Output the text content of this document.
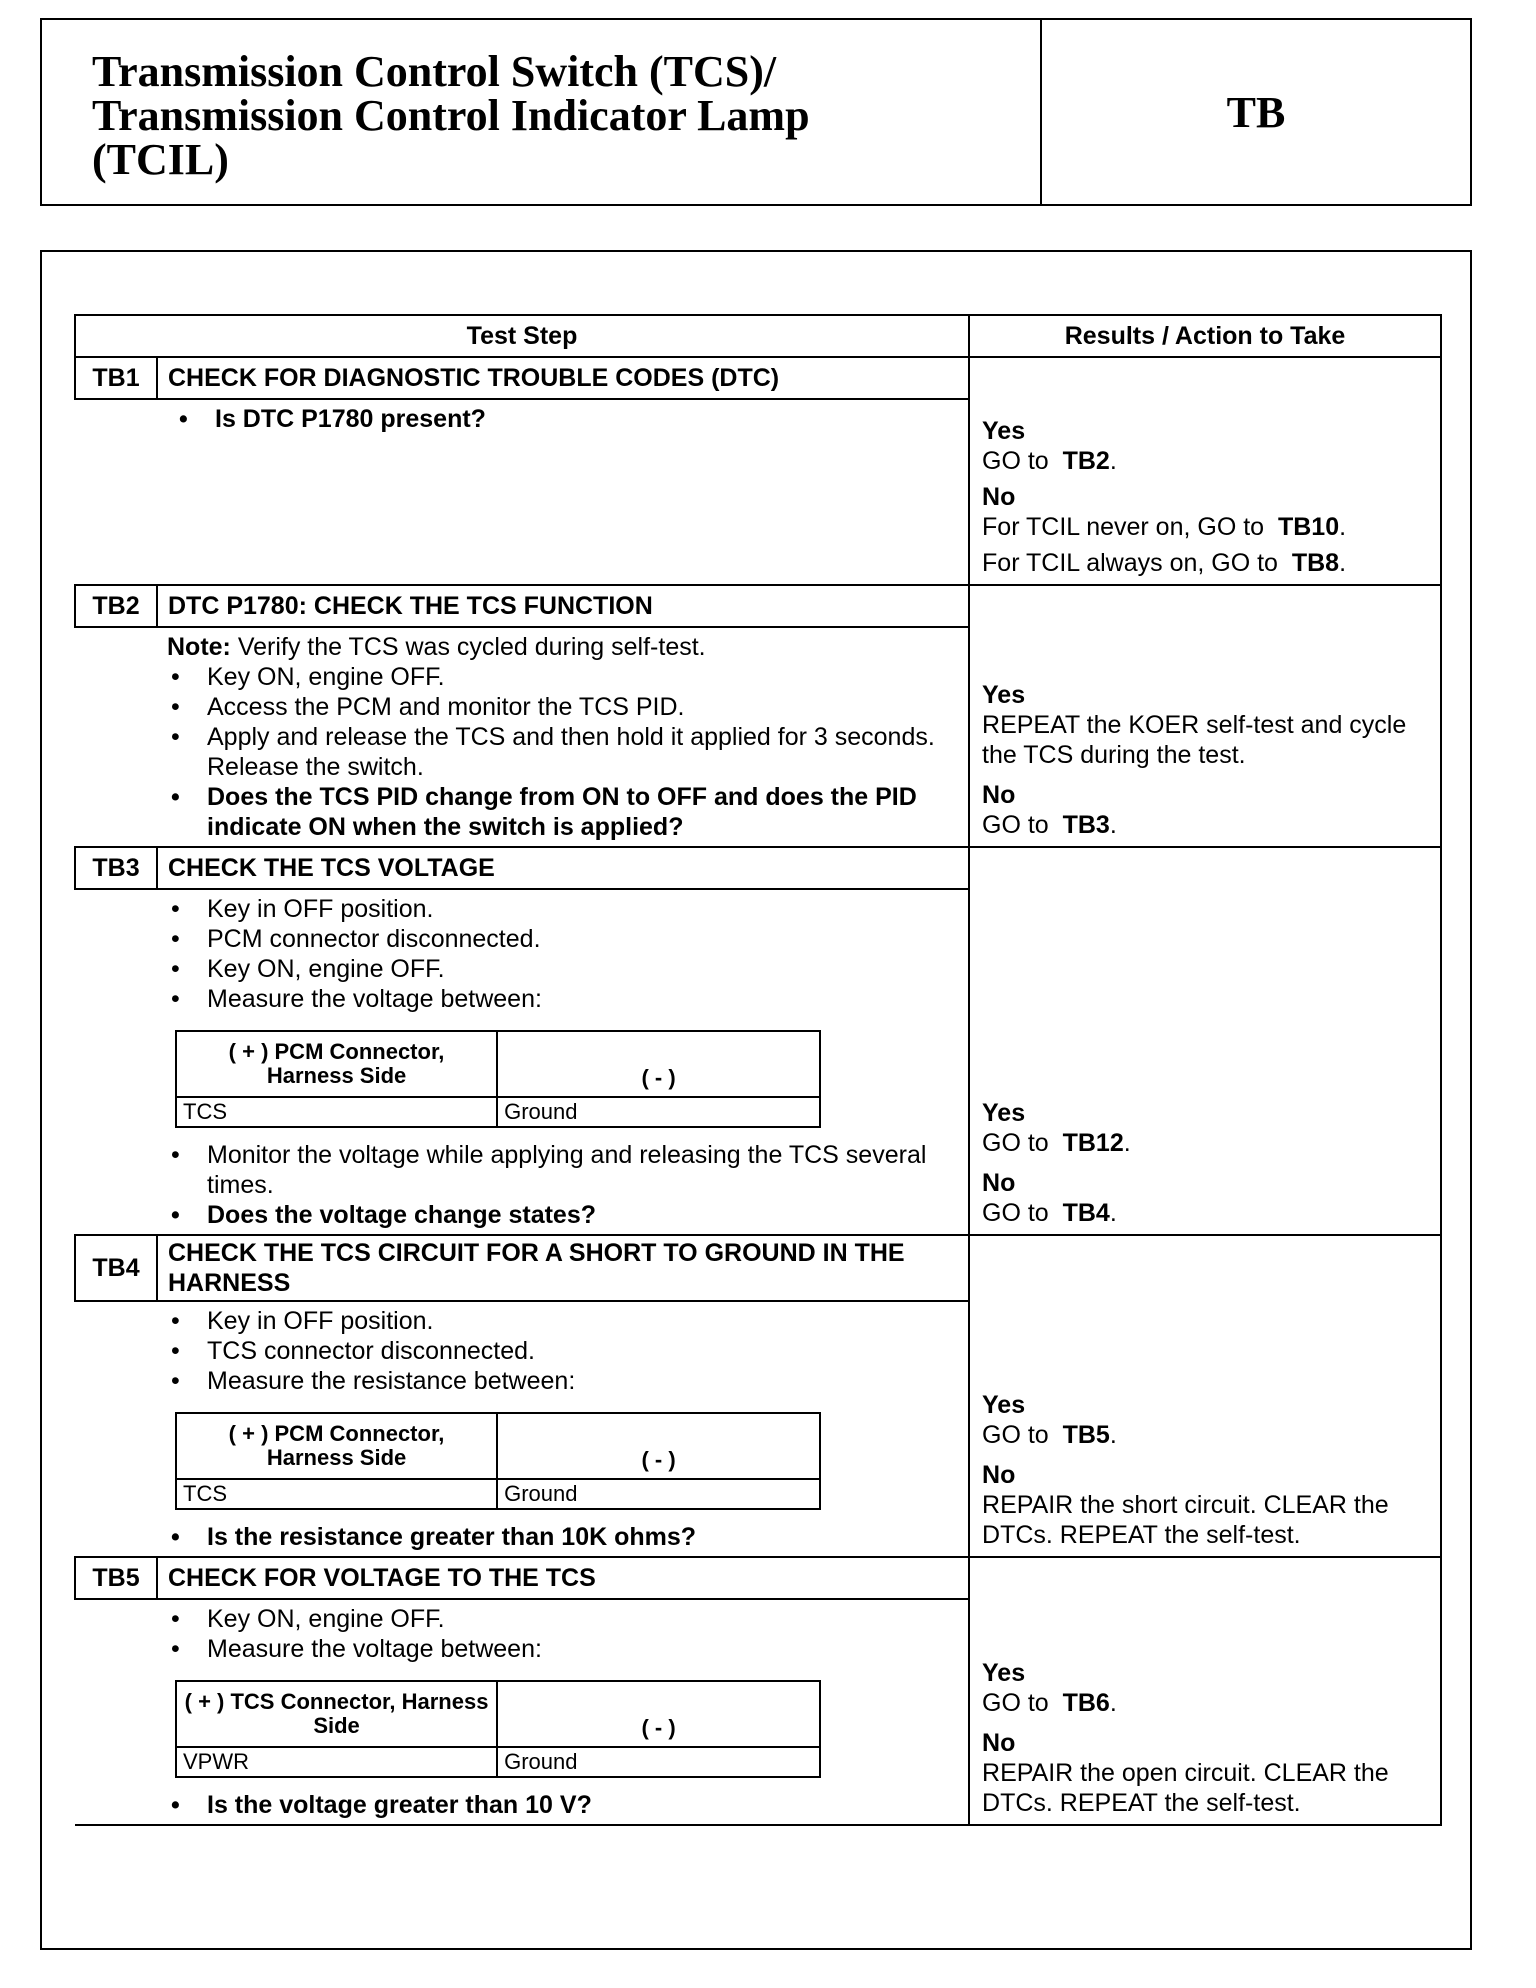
Transmission Control Switch (TCS)/
Transmission Control Indicator Lamp
(TCIL)
TB
Test Step	Results / Action to Take
TB1	CHECK FOR DIAGNOSTIC TROUBLE CODES (DTC)	
Yes
GO to TB2.
No
For TCIL never on, GO to TB10.
For TCIL always on, GO to TB8.

• Is DTC P1780 present?

TB2	DTC P1780: CHECK THE TCS FUNCTION	
Yes
REPEAT the KOER self-test and cycle the TCS during the test.
No
GO to TB3.

Note: Verify the TCS was cycled during self-test.
• Key ON, engine OFF.
• Access the PCM and monitor the TCS PID.
• Apply and release the TCS and then hold it applied for 3 seconds. Release the switch.
• Does the TCS PID change from ON to OFF and does the PID indicate ON when the switch is applied?

TB3	CHECK THE TCS VOLTAGE	
Yes
GO to TB12.
No
GO to TB4.

• Key in OFF position.
• PCM connector disconnected.
• Key ON, engine OFF.
• Measure the voltage between:
( + ) PCM Connector, Harness Side	( - )
TCS	Ground
• Monitor the voltage while applying and releasing the TCS several times.
• Does the voltage change states?

TB4	CHECK THE TCS CIRCUIT FOR A SHORT TO GROUND IN THE HARNESS	
Yes
GO to TB5.
No
REPAIR the short circuit. CLEAR the DTCs. REPEAT the self-test.

• Key in OFF position.
• TCS connector disconnected.
• Measure the resistance between:
( + ) PCM Connector, Harness Side	( - )
TCS	Ground
• Is the resistance greater than 10K ohms?

TB5	CHECK FOR VOLTAGE TO THE TCS	
Yes
GO to TB6.
No
REPAIR the open circuit. CLEAR the DTCs. REPEAT the self-test.

• Key ON, engine OFF.
• Measure the voltage between:
( + ) TCS Connector, Harness Side	( - )
VPWR	Ground
• Is the voltage greater than 10 V?
